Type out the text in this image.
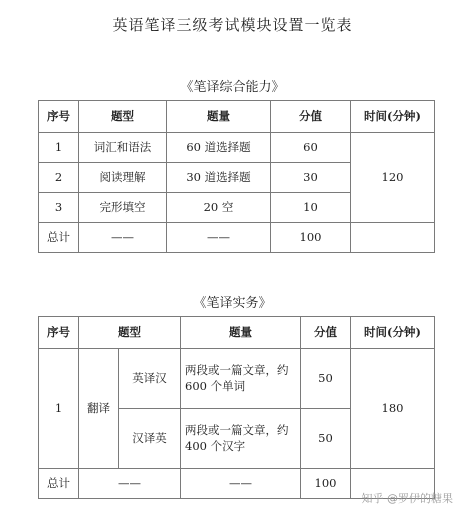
英语笔译三级考试模块设置一览表
《笔译综合能力》
序号	题型	题量	分值	时间(分钟)
1	词汇和语法	60 道选择题	60	120
2	阅读理解	30 道选择题	30	
3	完形填空	20 空	10	
总计	——	——	100	
《笔译实务》
序号	题型		题量	分值	时间(分钟)
1	翻译	英译汉	两段或一篇文章，约 600 个单词	50	180
		汉译英	两段或一篇文章，约 400 个汉字	50	
总计	——		——	100	
知乎 @罗伊的糖果
